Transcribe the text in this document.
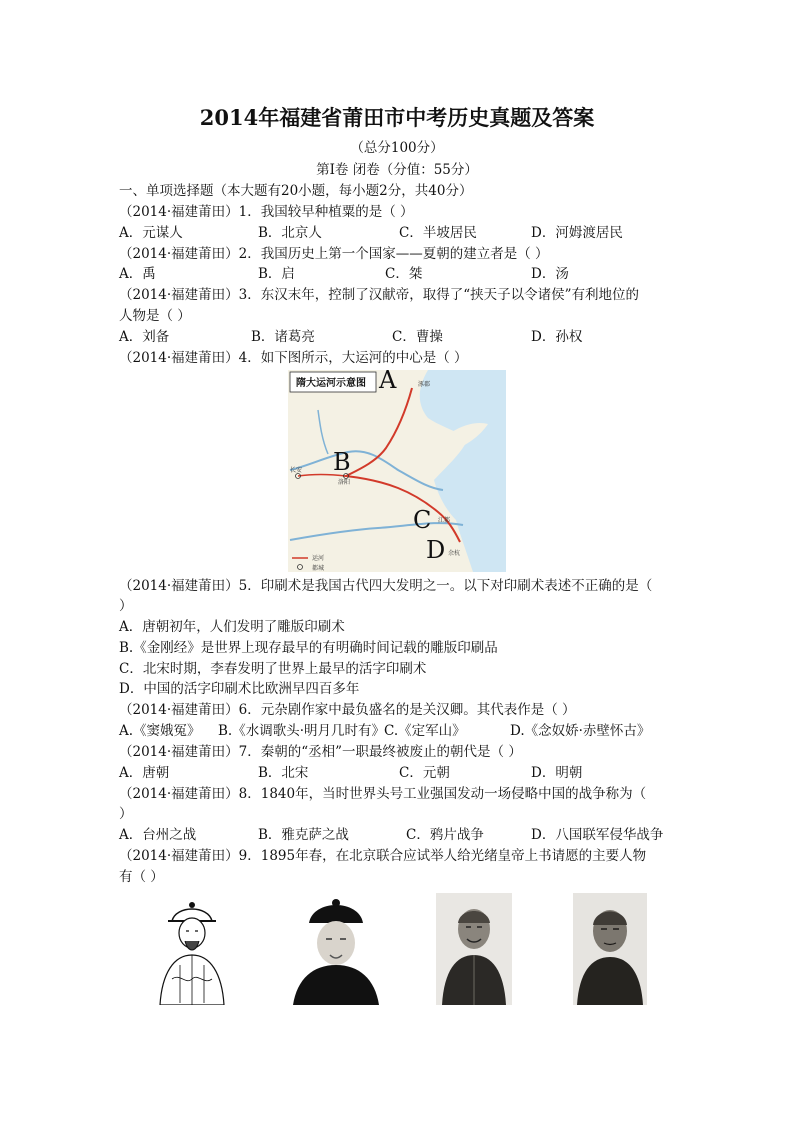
2014年福建省莆田市中考历史真题及答案
（总分100分）
第Ⅰ卷 闭卷（分值：55分）
一、单项选择题（本大题有20小题，每小题2分，共40分）
（2014·福建莆田）1．我国较早种植粟的是（ ）
A．元谋人	B．北京人	C．半坡居民	D．河姆渡居民
（2014·福建莆田）2．我国历史上第一个国家——夏朝的建立者是（ ）
A．禹	B．启	C．桀	D．汤
（2014·福建莆田）3．东汉末年，控制了汉献帝，取得了“挟天子以令诸侯”有利地位的
人物是（ ）
A．刘备	B．诸葛亮	C．曹操	D．孙权
（2014·福建莆田）4．如下图所示，大运河的中心是（ ）
隋大运河示意图 A
B
C
D
涿郡
长安
洛阳
江都
余杭
运河
都城
（2014·福建莆田）5．印刷术是我国古代四大发明之一。以下对印刷术表述不正确的是（
）
A．唐朝初年，人们发明了雕版印刷术
B.《金刚经》是世界上现存最早的有明确时间记载的雕版印刷品
C．北宋时期，李春发明了世界上最早的活字印刷术
D．中国的活字印刷术比欧洲早四百多年
（2014·福建莆田）6．元杂剧作家中最负盛名的是关汉卿。其代表作是（ ）
A.《窦娥冤》 B.《水调歌头·明月几时有》
C.《定军山》	D.《念奴娇·赤壁怀古》
（2014·福建莆田）7．秦朝的“丞相”一职最终被废止的朝代是（ ）
A．唐朝	B．北宋	C．元朝	D．明朝
（2014·福建莆田）8．1840年，当时世界头号工业强国发动一场侵略中国的战争称为（
）
A．台州之战	B．雅克萨之战	C．鸦片战争	D．八国联军侵华战争
（2014·福建莆田）9．1895年春，在北京联合应试举人给光绪皇帝上书请愿的主要人物
有（ ）
